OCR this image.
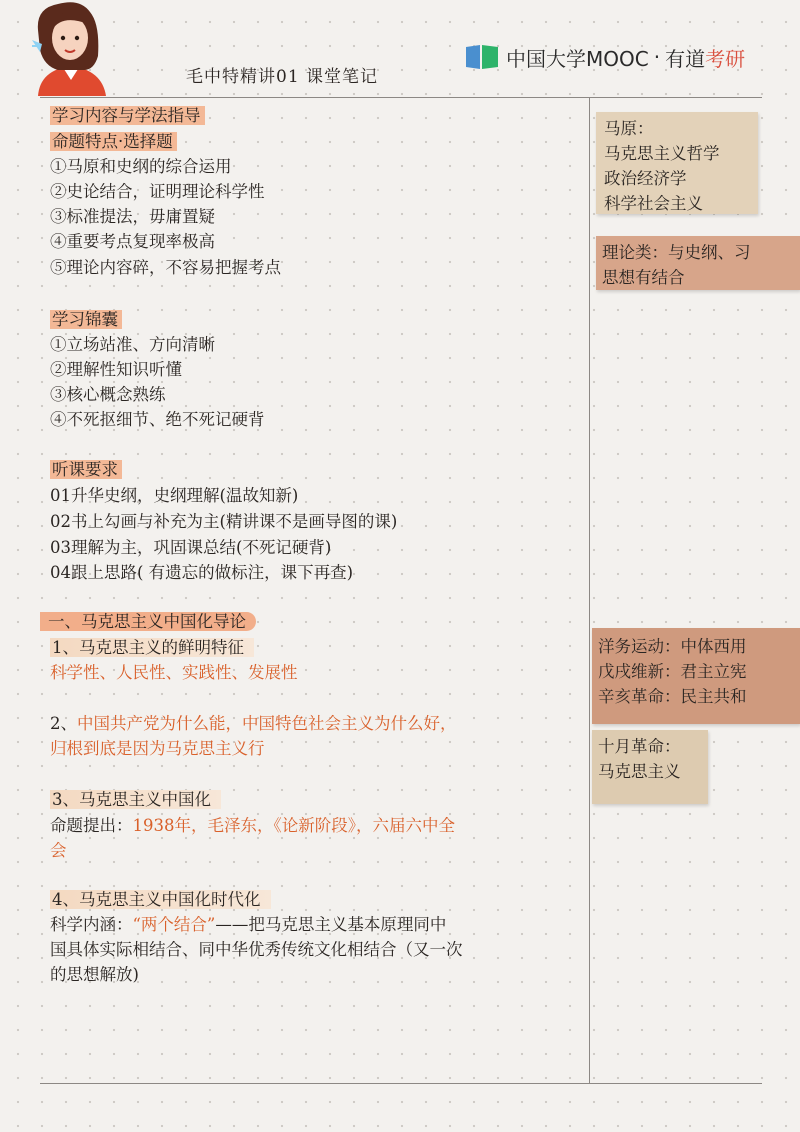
毛中特精讲01 课堂笔记
中国大学MOOC · 有道 考研
学习内容与学法指导
命题特点·选择题
①马原和史纲的综合运用
②史论结合，证明理论科学性
③标准提法，毋庸置疑
④重要考点复现率极高
⑤理论内容碎，不容易把握考点
学习锦囊
①立场站准、方向清晰
②理解性知识听懂
③核心概念熟练
④不死抠细节、绝不死记硬背
听课要求
01升华史纲，史纲理解(温故知新)
02书上勾画与补充为主(精讲课不是画导图的课)
03理解为主，巩固课总结(不死记硬背)
04跟上思路( 有遗忘的做标注，课下再查)
一、马克思主义中国化导论
1、马克思主义的鲜明特征
科学性、人民性、实践性、发展性
2、中国共产党为什么能，中国特色社会主义为什么好，
归根到底是因为马克思主义行
3、马克思主义中国化
命题提出：1938年，毛泽东，《论新阶段》，六届六中全
会
4、马克思主义中国化时代化
科学内涵：“两个结合”——把马克思主义基本原理同中
国具体实际相结合、同中华优秀传统文化相结合（又一次
的思想解放)
马原：
马克思主义哲学
政治经济学
科学社会主义
理论类：与史纲、习
思想有结合
洋务运动：中体西用
戊戌维新：君主立宪
辛亥革命：民主共和
十月革命：
马克思主义
